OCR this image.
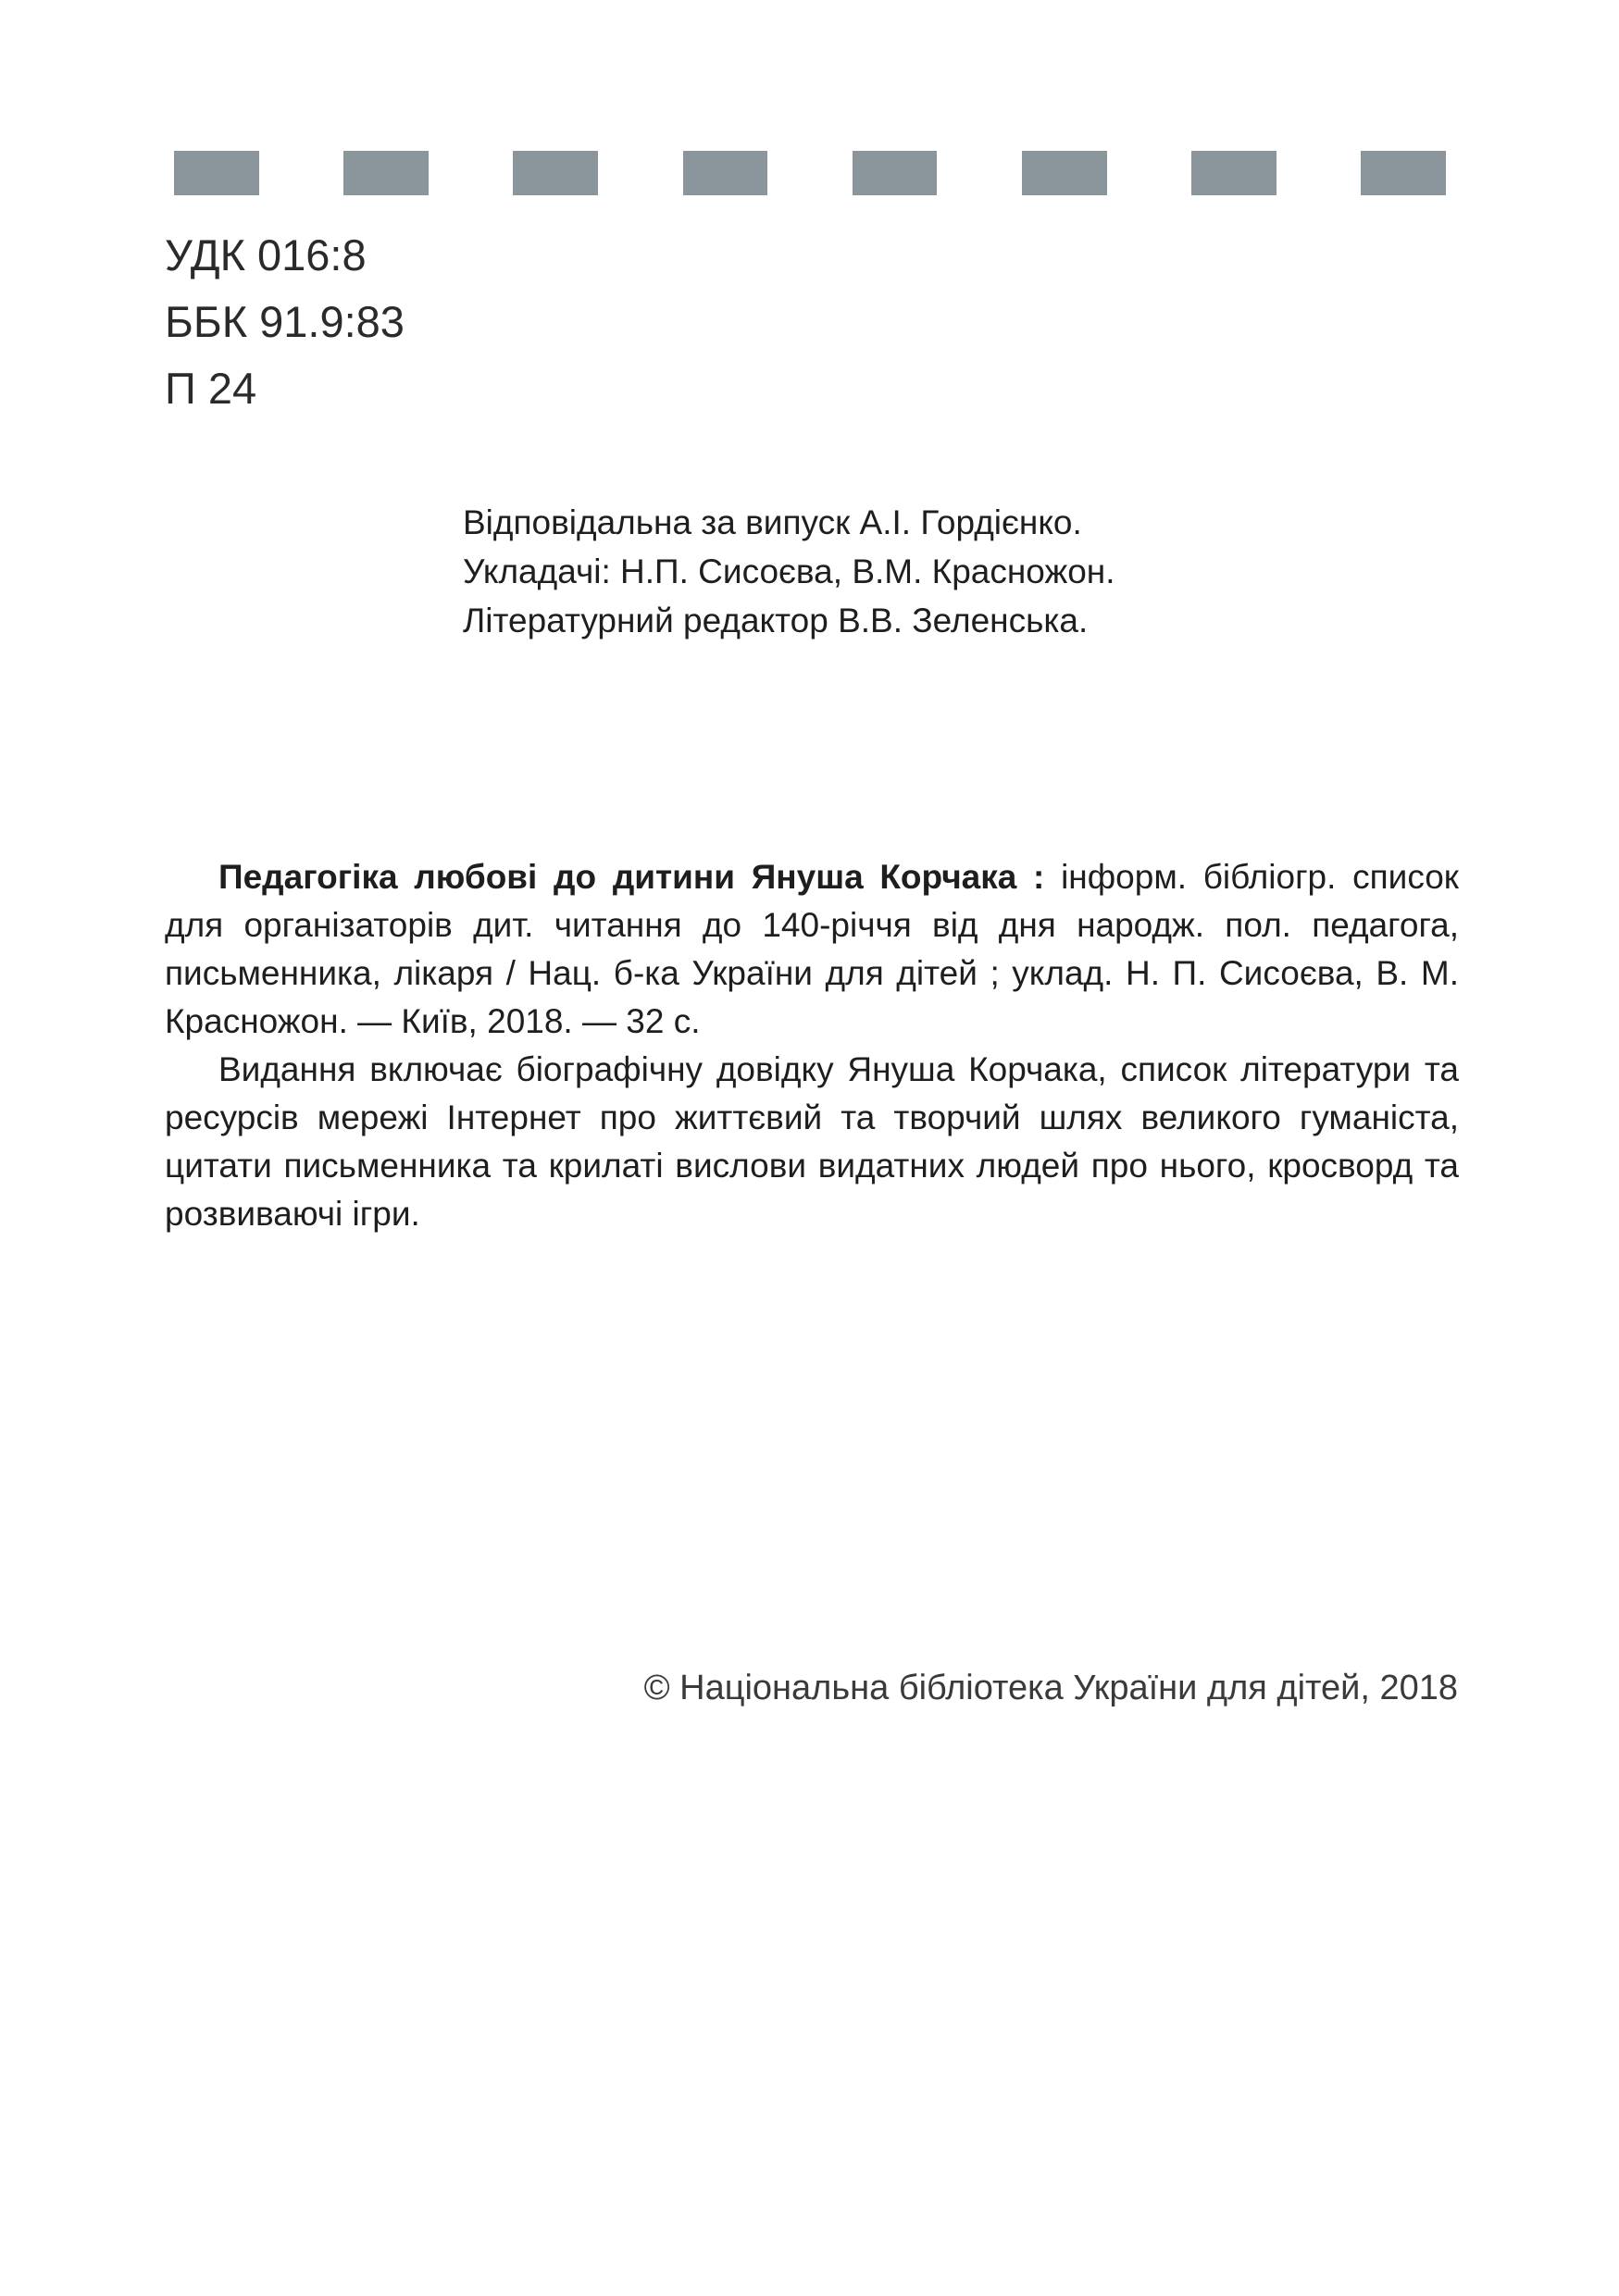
УДК 016:8
ББК 91.9:83
П 24
Відповідальна за випуск А.І. Гордієнко.
Укладачі: Н.П. Сисоєва, В.М. Красножон.
Літературний редактор В.В. Зеленська.

Педагогіка любові до дитини Януша Корчака : інформ. бібліогр. список для організаторів дит. читання до 140-річчя від дня народж. пол. педагога, письменника, лікаря / Нац. б-ка України для дітей ; уклад. Н. П. Сисоєва, В. М. Красножон. — Київ, 2018. — 32 с.

Видання включає біографічну довідку Януша Корчака, список літератури та ресурсів мережі Інтернет про життєвий та творчий шлях великого гуманіста, цитати письменника та крилаті вислови видатних людей про нього, кросворд та розвиваючі ігри.

© Національна бібліотека України для дітей, 2018
